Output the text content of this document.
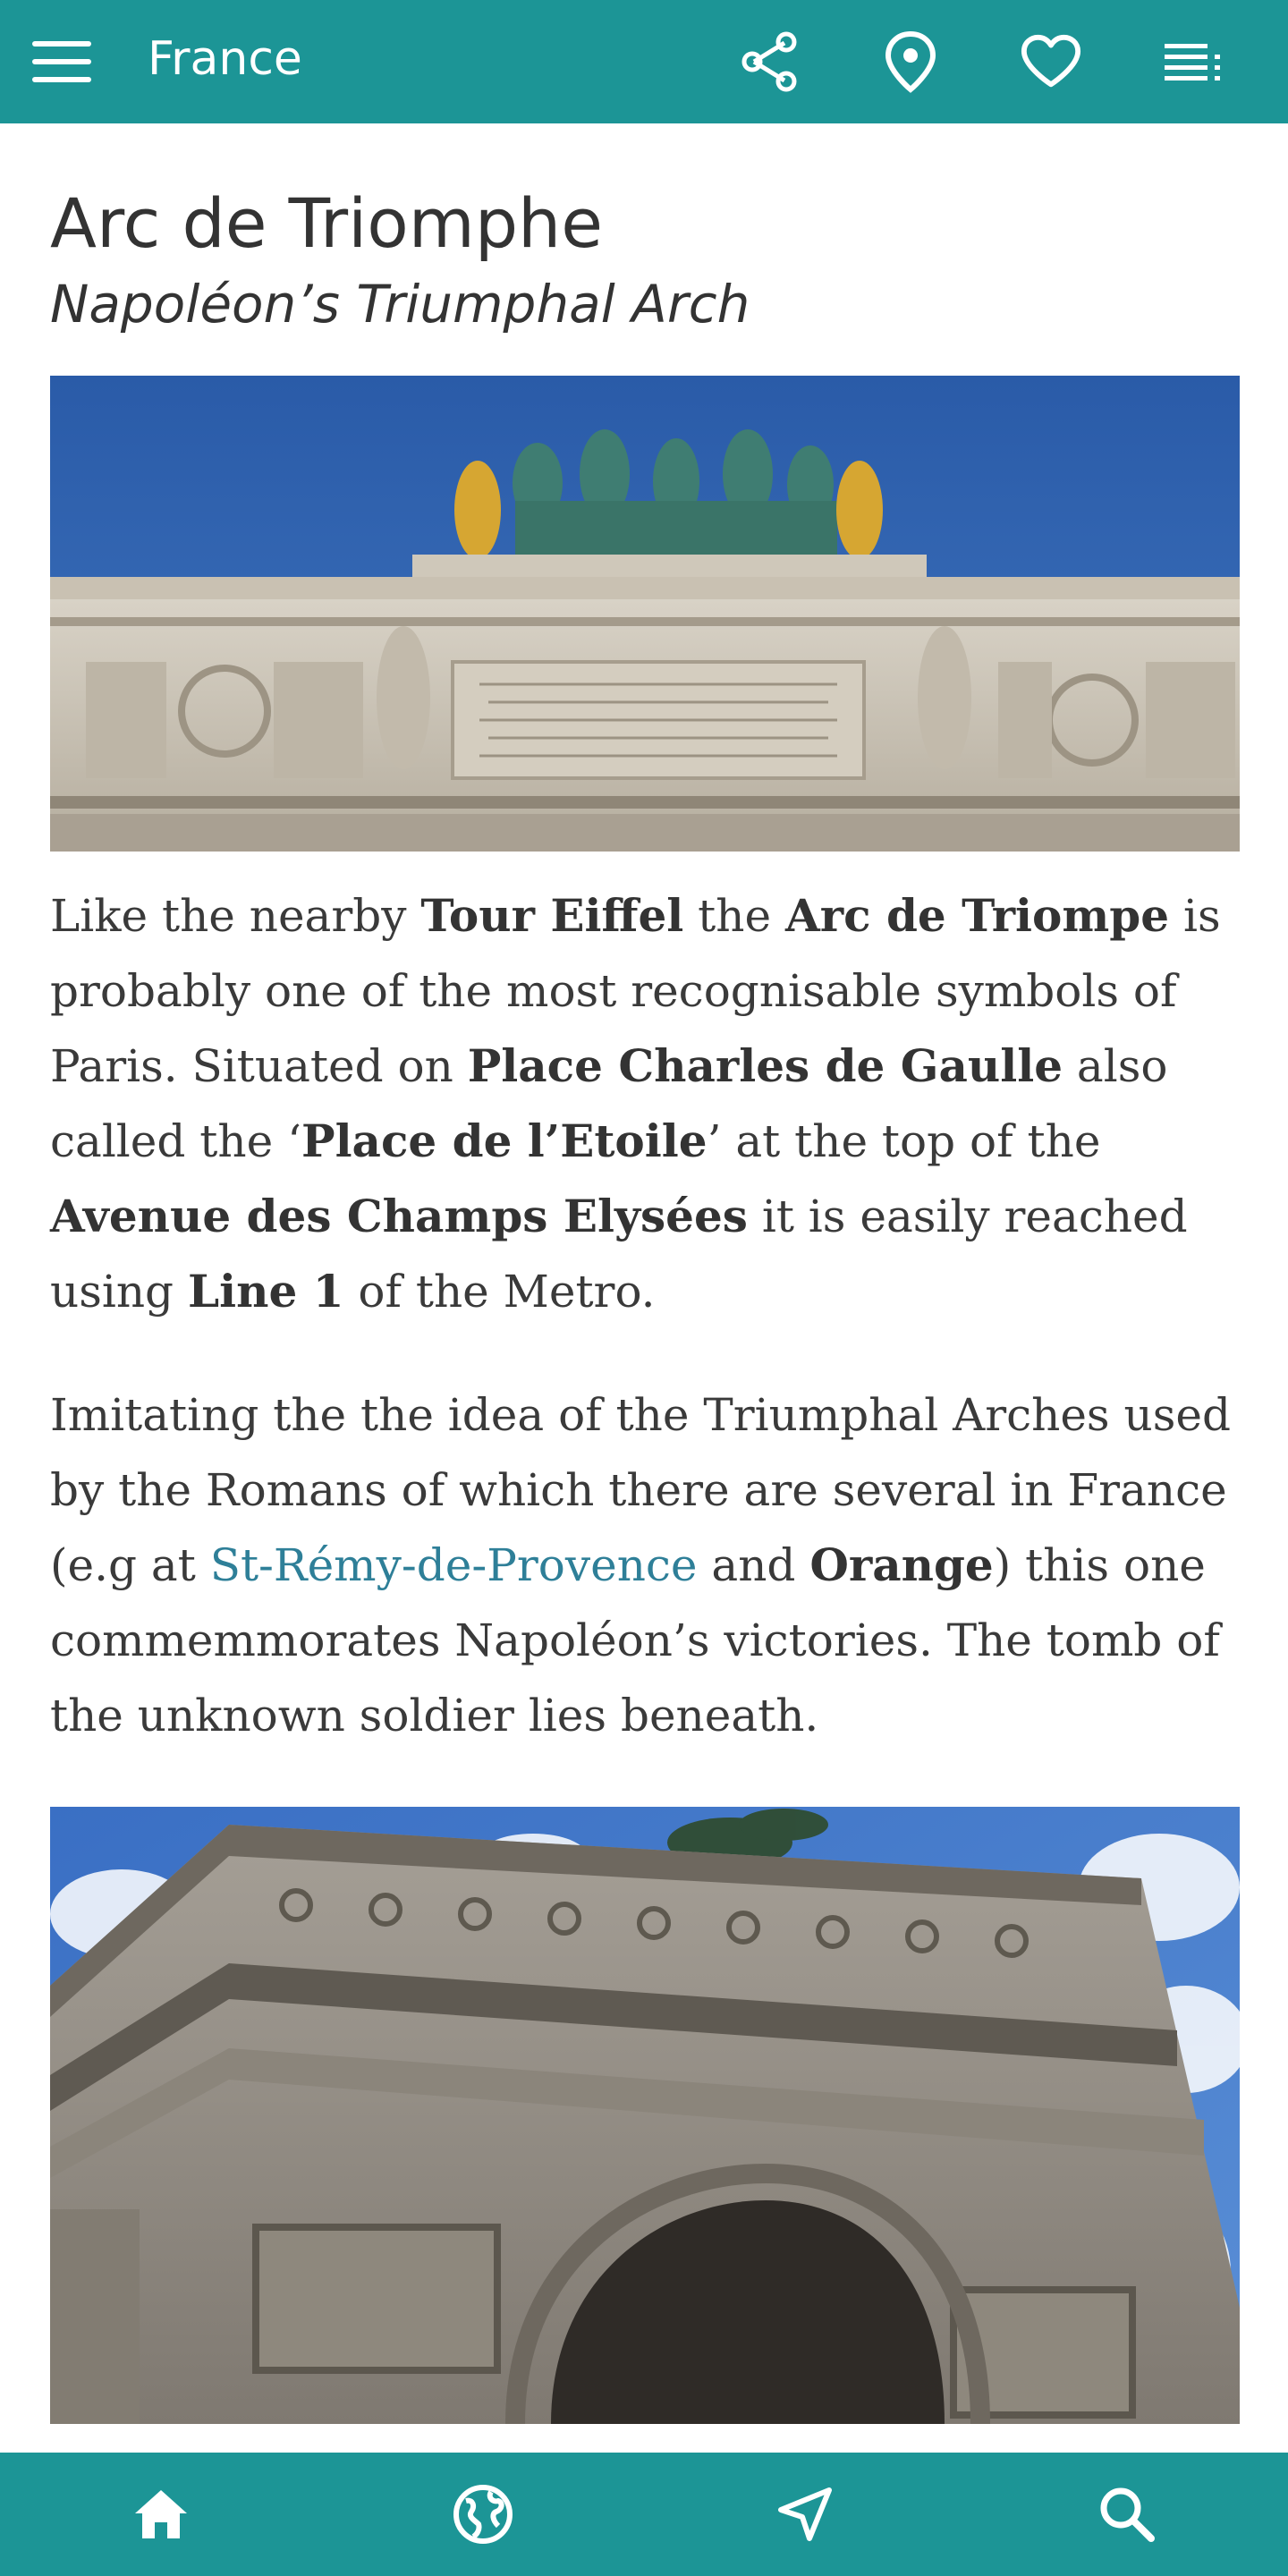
France
Arc de Triomphe
Napoléon’s Triumphal Arch

Like the nearby Tour Eiffel the Arc de Triompe is probably one of the most recognisable symbols of Paris. Situated on Place Charles de Gaulle also called the ‘Place de l’Etoile’ at the top of the Avenue des Champs Elysées it is easily reached using Line 1 of the Metro.

Imitating the the idea of the Triumphal Arches used by the Romans of which there are several in France (e.g at St-Rémy-de-Provence and Orange) this one commemmorates Napoléon’s victories. The tomb of the unknown soldier lies beneath.
